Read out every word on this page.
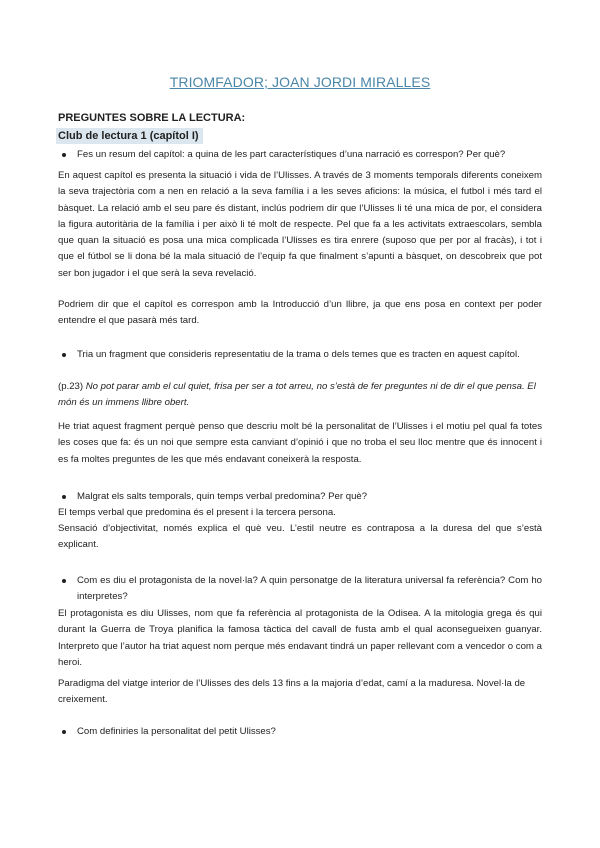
TRIOMFADOR; JOAN JORDI MIRALLES
PREGUNTES SOBRE LA LECTURA:
Club de lectura 1 (capítol I)
Fes un resum del capítol: a quina de les part característiques d’una narració es correspon? Per què?
En aquest capítol es presenta la situació i vida de l’Ulisses. A través de 3 moments temporals diferents coneixem la seva trajectòria com a nen en relació a la seva família i a les seves aficions: la música, el futbol i més tard el bàsquet. La relació amb el seu pare és distant, inclús podriem dir que l’Ulisses li té una mica de por, el considera la figura autoritària de la família i per això li té molt de respecte. Pel que fa a les activitats extraescolars, sembla que quan la situació es posa una mica complicada l’Ulisses es tira enrere (suposo que per por al fracàs), i tot i que el fútbol se li dona bé la mala situació de l’equip fa que finalment s’apunti a bàsquet, on descobreix que pot ser bon jugador i el que serà la seva revelació.
Podriem dir que el capítol es correspon amb la Introducció d’un llibre, ja que ens posa en context per poder entendre el que pasarà més tard.
Tria un fragment que consideris representatiu de la trama o dels temes que es tracten en aquest capítol.
(p.23) No pot parar amb el cul quiet, frisa per ser a tot arreu, no s’està de fer preguntes ni de dir el que pensa. El món és un immens llibre obert.
He triat aquest fragment perquè penso que descriu molt bé la personalitat de l’Ulisses i el motiu pel qual fa totes les coses que fa: és un noi que sempre esta canviant d’opinió i que no troba el seu lloc mentre que és innocent i es fa moltes preguntes de les que més endavant coneixerà la resposta.
Malgrat els salts temporals, quin temps verbal predomina? Per què?
El temps verbal que predomina és el present i la tercera persona.
Sensació d’objectivitat, només explica el què veu. L’estil neutre es contraposa a la duresa del que s’està explicant.
Com es diu el protagonista de la novel·la? A quin personatge de la literatura universal fa referència? Com ho interpretes?
El protagonista es diu Ulisses, nom que fa referència al protagonista de la Odisea. A la mitologia grega és qui durant la Guerra de Troya planifica la famosa tàctica del cavall de fusta amb el qual aconsegueixen guanyar. Interpreto que l’autor ha triat aquest nom perque més endavant tindrá un paper rellevant com a vencedor o com a heroi.
Paradigma del viatge interior de l’Ulisses des dels 13 fins a la majoria d’edat, camí a la maduresa. Novel·la de creixement.
Com definiries la personalitat del petit Ulisses?
